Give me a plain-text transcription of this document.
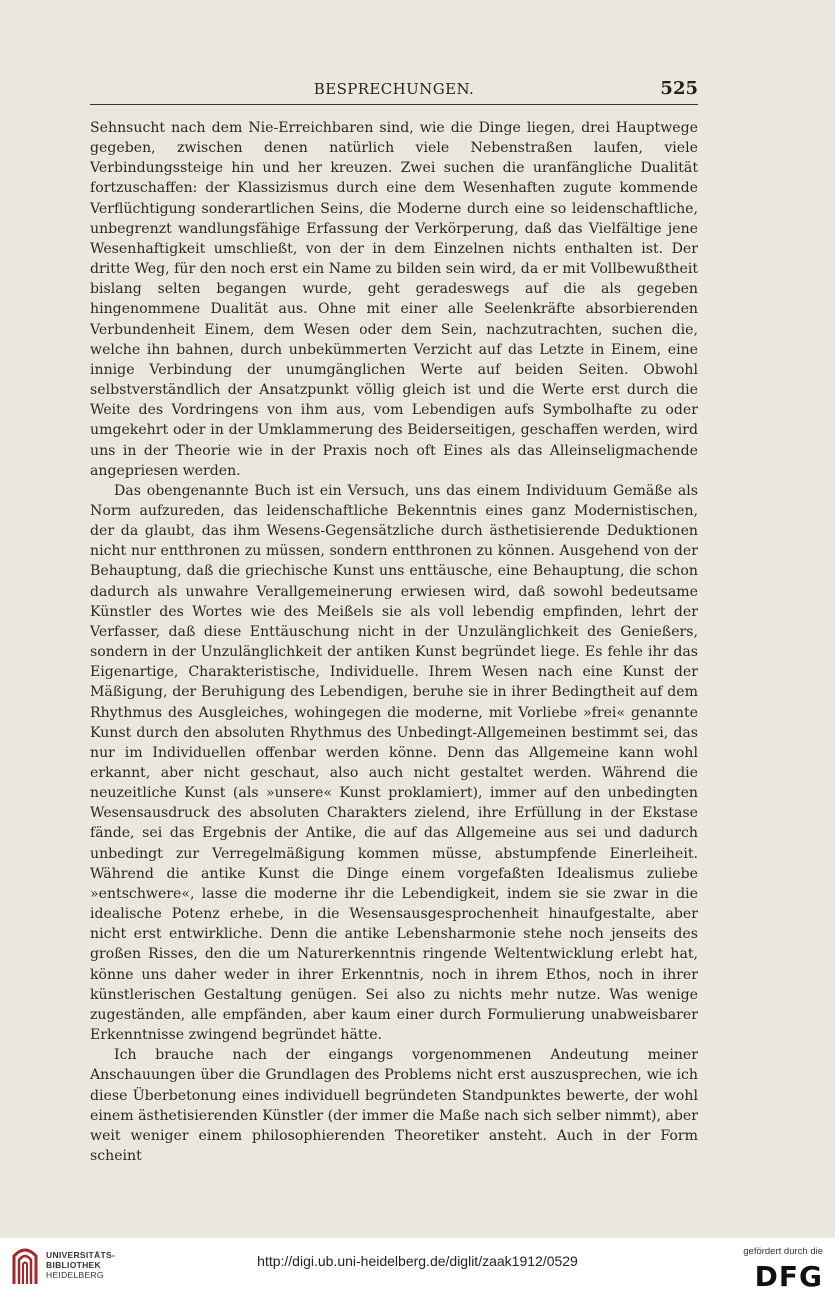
BESPRECHUNGEN.	525

Sehnsucht nach dem Nie-Erreichbaren sind, wie die Dinge liegen, drei Hauptwege gegeben, zwischen denen natürlich viele Nebenstraßen laufen, viele Verbindungssteige hin und her kreuzen. Zwei suchen die uranfängliche Dualität fortzuschaffen: der Klassizismus durch eine dem Wesenhaften zugute kommende Verflüchtigung sonderartlichen Seins, die Moderne durch eine so leidenschaftliche, unbegrenzt wandlungsfähige Erfassung der Verkörperung, daß das Vielfältige jene Wesenhaftigkeit umschließt, von der in dem Einzelnen nichts enthalten ist. Der dritte Weg, für den noch erst ein Name zu bilden sein wird, da er mit Vollbewußtheit bislang selten begangen wurde, geht geradeswegs auf die als gegeben hingenommene Dualität aus. Ohne mit einer alle Seelenkräfte absorbierenden Verbundenheit Einem, dem Wesen oder dem Sein, nachzutrachten, suchen die, welche ihn bahnen, durch unbekümmerten Verzicht auf das Letzte in Einem, eine innige Verbindung der unumgänglichen Werte auf beiden Seiten. Obwohl selbstverständlich der Ansatzpunkt völlig gleich ist und die Werte erst durch die Weite des Vordringens von ihm aus, vom Lebendigen aufs Symbolhafte zu oder umgekehrt oder in der Umklammerung des Beiderseitigen, geschaffen werden, wird uns in der Theorie wie in der Praxis noch oft Eines als das Alleinseligmachende angepriesen werden.

Das obengenannte Buch ist ein Versuch, uns das einem Individuum Gemäße als Norm aufzureden, das leidenschaftliche Bekenntnis eines ganz Modernistischen, der da glaubt, das ihm Wesens-Gegensätzliche durch ästhetisierende Deduktionen nicht nur entthronen zu müssen, sondern entthronen zu können. Ausgehend von der Behauptung, daß die griechische Kunst uns enttäusche, eine Behauptung, die schon dadurch als unwahre Verallgemeinerung erwiesen wird, daß sowohl bedeutsame Künstler des Wortes wie des Meißels sie als voll lebendig empfinden, lehrt der Verfasser, daß diese Enttäuschung nicht in der Unzulänglichkeit des Genießers, sondern in der Unzulänglichkeit der antiken Kunst begründet liege. Es fehle ihr das Eigenartige, Charakteristische, Individuelle. Ihrem Wesen nach eine Kunst der Mäßigung, der Beruhigung des Lebendigen, beruhe sie in ihrer Bedingtheit auf dem Rhythmus des Ausgleiches, wohingegen die moderne, mit Vorliebe »frei« genannte Kunst durch den absoluten Rhythmus des Unbedingt-Allgemeinen bestimmt sei, das nur im Individuellen offenbar werden könne. Denn das Allgemeine kann wohl erkannt, aber nicht geschaut, also auch nicht gestaltet werden. Während die neuzeitliche Kunst (als »unsere« Kunst proklamiert), immer auf den unbedingten Wesensausdruck des absoluten Charakters zielend, ihre Erfüllung in der Ekstase fände, sei das Ergebnis der Antike, die auf das Allgemeine aus sei und dadurch unbedingt zur Verregelmäßigung kommen müsse, abstumpfende Einerleiheit. Während die antike Kunst die Dinge einem vorgefaßten Idealismus zuliebe »entschwere«, lasse die moderne ihr die Lebendigkeit, indem sie sie zwar in die idealische Potenz erhebe, in die Wesensausgesprochenheit hinaufgestalte, aber nicht erst entwirkliche. Denn die antike Lebensharmonie stehe noch jenseits des großen Risses, den die um Naturerkenntnis ringende Weltentwicklung erlebt hat, könne uns daher weder in ihrer Erkenntnis, noch in ihrem Ethos, noch in ihrer künstlerischen Gestaltung genügen. Sei also zu nichts mehr nutze. Was wenige zugeständen, alle empfänden, aber kaum einer durch Formulierung unabweisbarer Erkenntnisse zwingend begründet hätte.

Ich brauche nach der eingangs vorgenommenen Andeutung meiner Anschauungen über die Grundlagen des Problems nicht erst auszusprechen, wie ich diese Überbetonung eines individuell begründeten Standpunktes bewerte, der wohl einem ästhetisierenden Künstler (der immer die Maße nach sich selber nimmt), aber weit weniger einem philosophierenden Theoretiker ansteht. Auch in der Form scheint

UNIVERSITÄTS-
BIBLIOTHEK
HEIDELBERG
http://digi.ub.uni-heidelberg.de/diglit/zaak1912/0529
gefördert durch die
DFG
